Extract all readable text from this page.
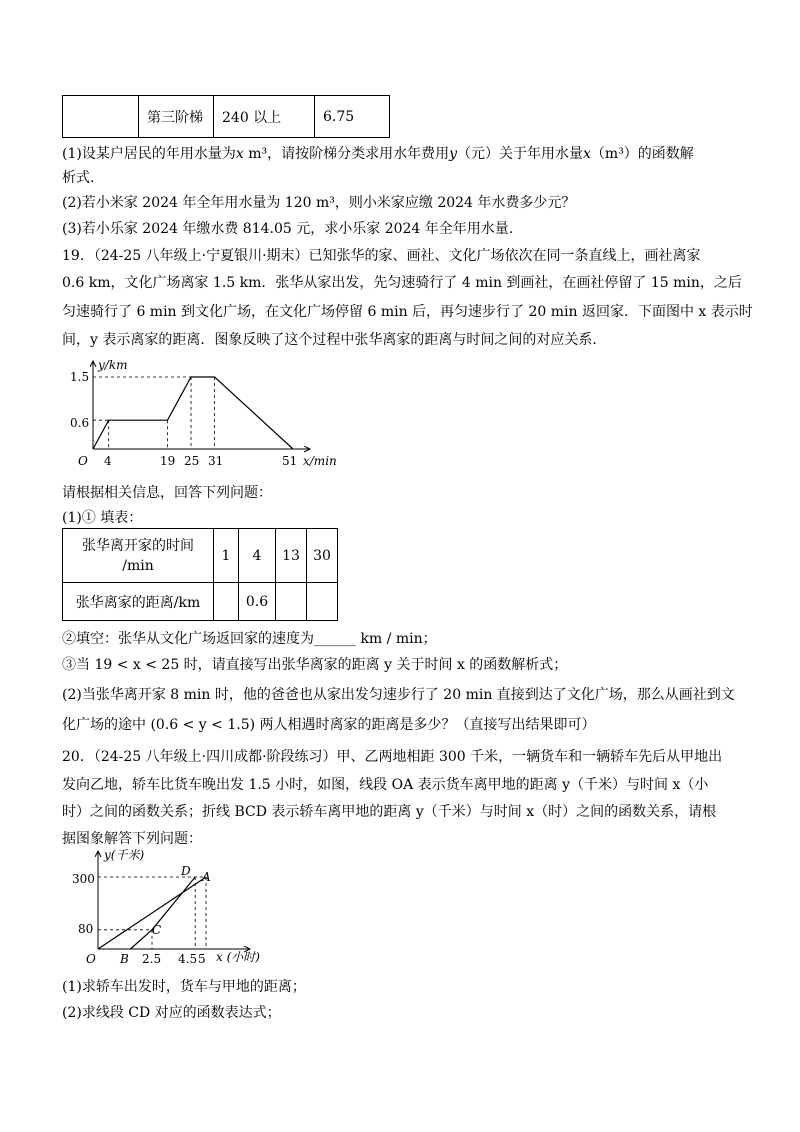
	第三阶梯	240 以上	6.75
(1)设某户居民的年用水量为x m³，请按阶梯分类求用水年费用y（元）关于年用水量x（m³）的函数解
析式.
(2)若小米家 2024 年全年用水量为 120 m³，则小米家应缴 2024 年水费多少元？
(3)若小乐家 2024 年缴水费 814.05 元，求小乐家 2024 年全年用水量.
19．（24-25 八年级上·宁夏银川·期末）已知张华的家、画社、文化广场依次在同一条直线上，画社离家
0.6 km，文化广场离家 1.5 km．张华从家出发，先匀速骑行了 4 min 到画社，在画社停留了 15 min，之后
匀速骑行了 6 min 到文化广场，在文化广场停留 6 min 后，再匀速步行了 20 min 返回家．下面图中 x 表示时
间，y 表示离家的距离．图象反映了这个过程中张华离家的距离与时间之间的对应关系．
y/km
x/min
O
1.5
0.6
4	19 25 31	51
请根据相关信息，回答下列问题：
(1)① 填表：
张华离开家的时间
/min	1	4	13	30
张华离家的距离/km		0.6		
②填空：张华从文化广场返回家的速度为______ km / min；
③当 19 < x < 25 时，请直接写出张华离家的距离 y 关于时间 x 的函数解析式；
(2)当张华离开家 8 min 时，他的爸爸也从家出发匀速步行了 20 min 直接到达了文化广场，那么从画社到文
化广场的途中 (0.6 < y < 1.5) 两人相遇时离家的距离是多少？（直接写出结果即可）
20．（24-25 八年级上·四川成都·阶段练习）甲、乙两地相距 300 千米，一辆货车和一辆轿车先后从甲地出
发向乙地，轿车比货车晚出发 1.5 小时，如图，线段 OA 表示货车离甲地的距离 y（千米）与时间 x（小
时）之间的函数关系；折线 BCD 表示轿车离甲地的距离 y（千米）与时间 x（时）之间的函数关系，请根
据图象解答下列问题：
y(千米)
x (小时)
O
300
80
B 2.5 4.5 5
D A
C
(1)求轿车出发时，货车与甲地的距离；
(2)求线段 CD 对应的函数表达式；
